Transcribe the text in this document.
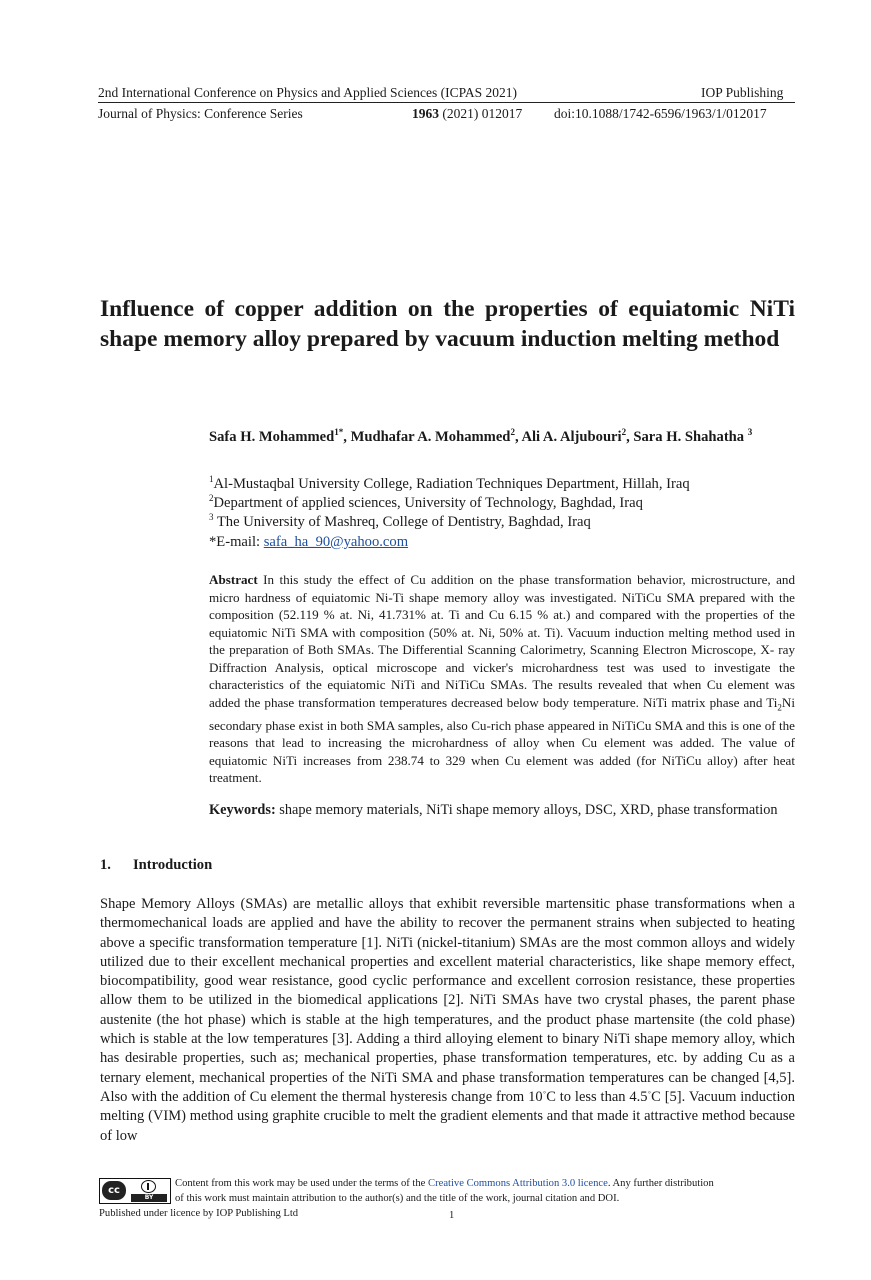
2nd International Conference on Physics and Applied Sciences (ICPAS 2021)	IOP Publishing
Journal of Physics: Conference Series	1963 (2021) 012017 doi:10.1088/1742-6596/1963/1/012017
Influence of copper addition on the properties of equiatomic NiTi shape memory alloy prepared by vacuum induction melting method
Safa H. Mohammed$^{1*}$, Mudhafar A. Mohammed$^2$, Ali A. Aljubouri$^2$, Sara H. Shahatha $^3$
$^1$Al-Mustaqbal University College, Radiation Techniques Department, Hillah, Iraq
$^2$Department of applied sciences, University of Technology, Baghdad, Iraq
$^3$ The University of Mashreq, College of Dentistry, Baghdad, Iraq
*E-mail: safa_ha_90@yahoo.com
Abstract In this study the effect of Cu addition on the phase transformation behavior, microstructure, and micro hardness of equiatomic Ni-Ti shape memory alloy was investigated. NiTiCu SMA prepared with the composition (52.119 % at. Ni, 41.731% at. Ti and Cu 6.15 % at.) and compared with the properties of the equiatomic NiTi SMA with composition (50% at. Ni, 50% at. Ti). Vacuum induction melting method used in the preparation of Both SMAs. The Differential Scanning Calorimetry, Scanning Electron Microscope, X- ray Diffraction Analysis, optical microscope and vicker's microhardness test was used to investigate the characteristics of the equiatomic NiTi and NiTiCu SMAs. The results revealed that when Cu element was added the phase transformation temperatures decreased below body temperature. NiTi matrix phase and $Ti_2Ni$ secondary phase exist in both SMA samples, also Cu-rich phase appeared in NiTiCu SMA and this is one of the reasons that lead to increasing the microhardness of alloy when Cu element was added. The value of equiatomic NiTi increases from 238.74 to 329 when Cu element was added (for NiTiCu alloy) after heat treatment.
Keywords: shape memory materials, NiTi shape memory alloys, DSC, XRD, phase transformation
1. Introduction
Shape Memory Alloys (SMAs) are metallic alloys that exhibit reversible martensitic phase transformations when a thermomechanical loads are applied and have the ability to recover the permanent strains when subjected to heating above a specific transformation temperature [1]. NiTi (nickel-titanium) SMAs are the most common alloys and widely utilized due to their excellent mechanical properties and excellent material characteristics, like shape memory effect, biocompatibility, good wear resistance, good cyclic performance and excellent corrosion resistance, these properties allow them to be utilized in the biomedical applications [2]. NiTi SMAs have two crystal phases, the parent phase austenite (the hot phase) which is stable at the high temperatures, and the product phase martensite (the cold phase) which is stable at the low temperatures [3]. Adding a third alloying element to binary NiTi shape memory alloy, which has desirable properties, such as; mechanical properties, phase transformation temperatures, etc. by adding Cu as a ternary element, mechanical properties of the NiTi SMA and phase transformation temperatures can be changed [4,5]. Also with the addition of Cu element the thermal hysteresis change from 10◦C to less than 4.5◦C [5]. Vacuum induction melting (VIM) method using graphite crucible to melt the gradient elements and that made it attractive method because of low
cc
BY
Content from this work may be used under the terms of the Creative Commons Attribution 3.0 licence. Any further distribution
of this work must maintain attribution to the author(s) and the title of the work, journal citation and DOI.
Published under licence by IOP Publishing Ltd	1
